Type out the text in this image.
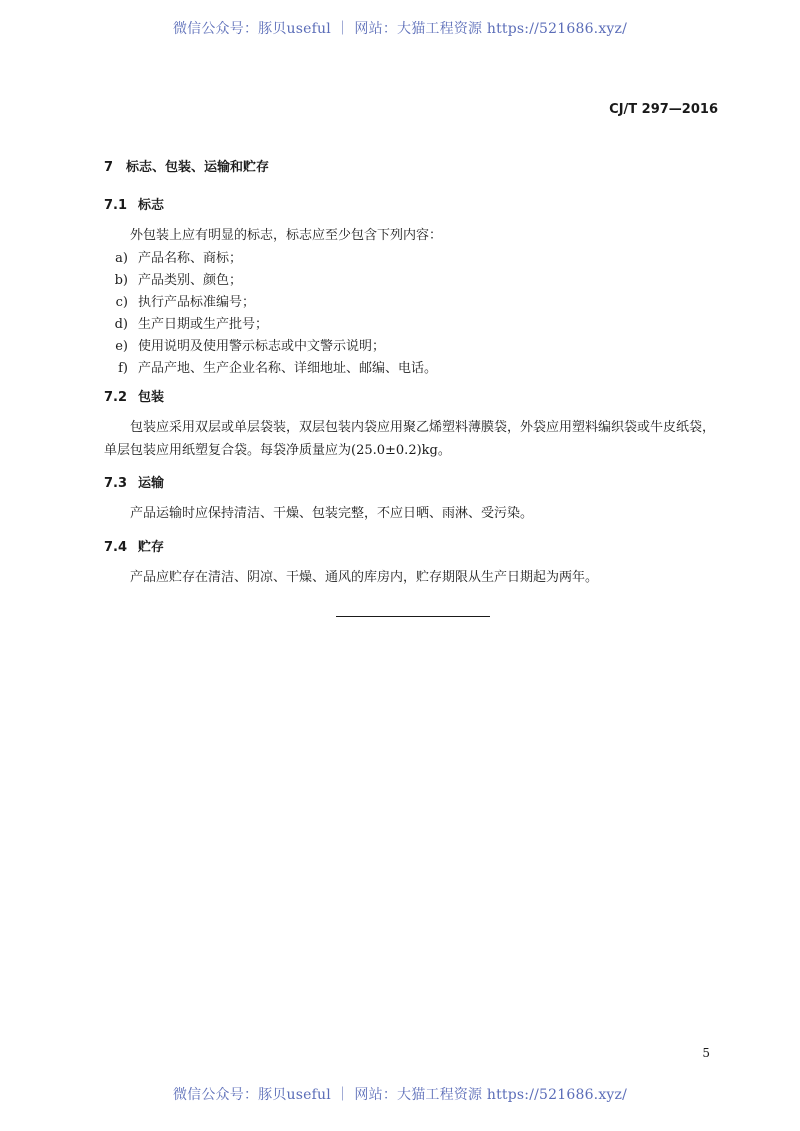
微信公众号：豚贝useful ｜ 网站：大猫工程资源 https://521686.xyz/
CJ/T 297—2016
7 标志、包装、运输和贮存
7.1 标志
外包装上应有明显的标志，标志应至少包含下列内容：
a) 产品名称、商标；
b) 产品类别、颜色；
c) 执行产品标准编号；
d) 生产日期或生产批号；
e) 使用说明及使用警示标志或中文警示说明；
f) 产品产地、生产企业名称、详细地址、邮编、电话。
7.2 包装
包装应采用双层或单层袋装，双层包装内袋应用聚乙烯塑料薄膜袋，外袋应用塑料编织袋或牛皮纸袋，单层包装应用纸塑复合袋。每袋净质量应为(25.0±0.2)kg。
7.3 运输
产品运输时应保持清洁、干燥、包装完整，不应日晒、雨淋、受污染。
7.4 贮存
产品应贮存在清洁、阴凉、干燥、通风的库房内，贮存期限从生产日期起为两年。
5
微信公众号：豚贝useful ｜ 网站：大猫工程资源 https://521686.xyz/
